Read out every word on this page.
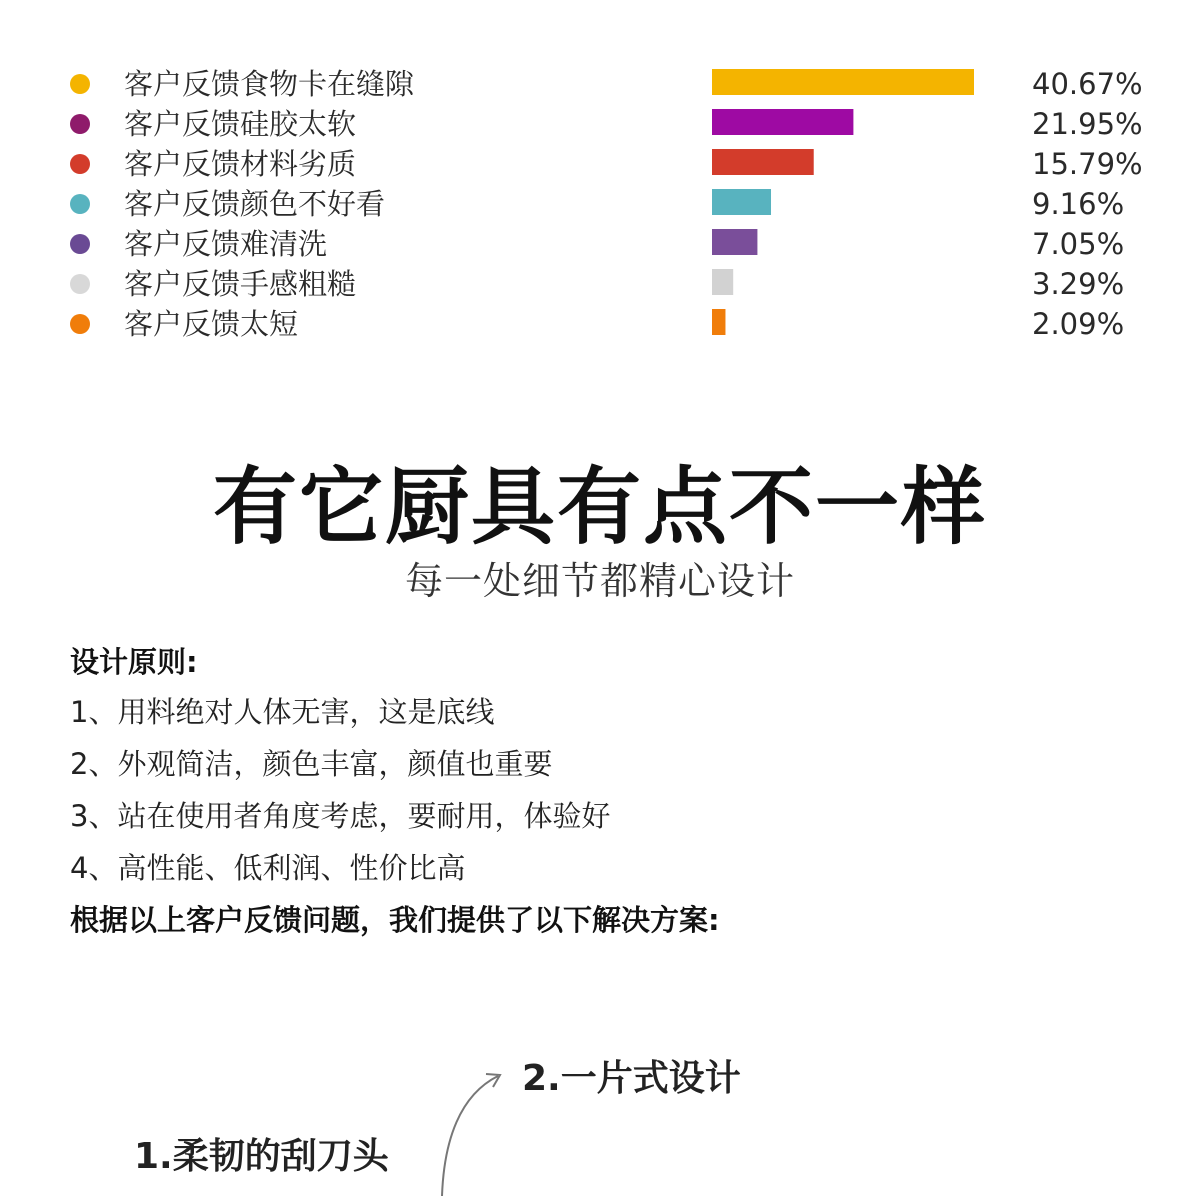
客户反馈食物卡在缝隙	40.67%
客户反馈硅胶太软	21.95%
客户反馈材料劣质	15.79%
客户反馈颜色不好看	9.16%
客户反馈难清洗	7.05%
客户反馈手感粗糙	3.29%
客户反馈太短	2.09%
有它厨具有点不一样
每一处细节都精心设计
设计原则:
1、用料绝对人体无害，这是底线
2、外观简洁，颜色丰富，颜值也重要
3、站在使用者角度考虑，要耐用，体验好
4、高性能、低利润、性价比高
根据以上客户反馈问题，我们提供了以下解决方案:
2.一片式设计
1.柔韧的刮刀头
